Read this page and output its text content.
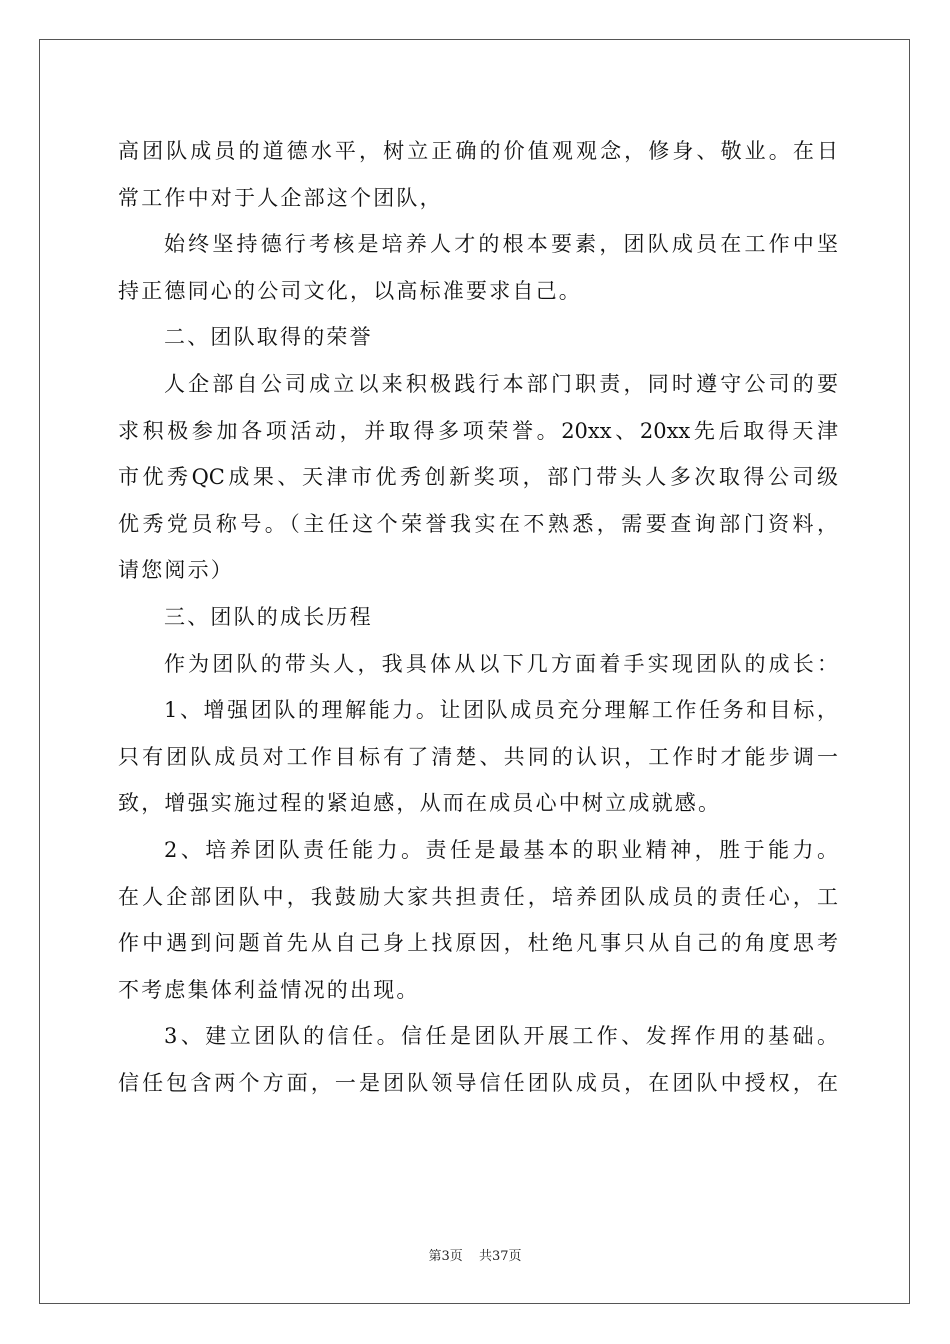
高团队成员的道德水平，树立正确的价值观观念，修身、敬业。在日
常工作中对于人企部这个团队，
始终坚持德行考核是培养人才的根本要素，团队成员在工作中坚
持正德同心的公司文化，以高标准要求自己。
二、团队取得的荣誉
人企部自公司成立以来积极践行本部门职责，同时遵守公司的要
求积极参加各项活动，并取得多项荣誉。20xx、20xx先后取得天津
市优秀QC成果、天津市优秀创新奖项，部门带头人多次取得公司级
优秀党员称号。（主任这个荣誉我实在不熟悉，需要查询部门资料，
请您阅示）
三、团队的成长历程
作为团队的带头人，我具体从以下几方面着手实现团队的成长：
1、增强团队的理解能力。让团队成员充分理解工作任务和目标，
只有团队成员对工作目标有了清楚、共同的认识，工作时才能步调一
致，增强实施过程的紧迫感，从而在成员心中树立成就感。
2、培养团队责任能力。责任是最基本的职业精神，胜于能力。
在人企部团队中，我鼓励大家共担责任，培养团队成员的责任心，工
作中遇到问题首先从自己身上找原因，杜绝凡事只从自己的角度思考
不考虑集体利益情况的出现。
3、建立团队的信任。信任是团队开展工作、发挥作用的基础。
信任包含两个方面，一是团队领导信任团队成员，在团队中授权，在
第3页 共37页
